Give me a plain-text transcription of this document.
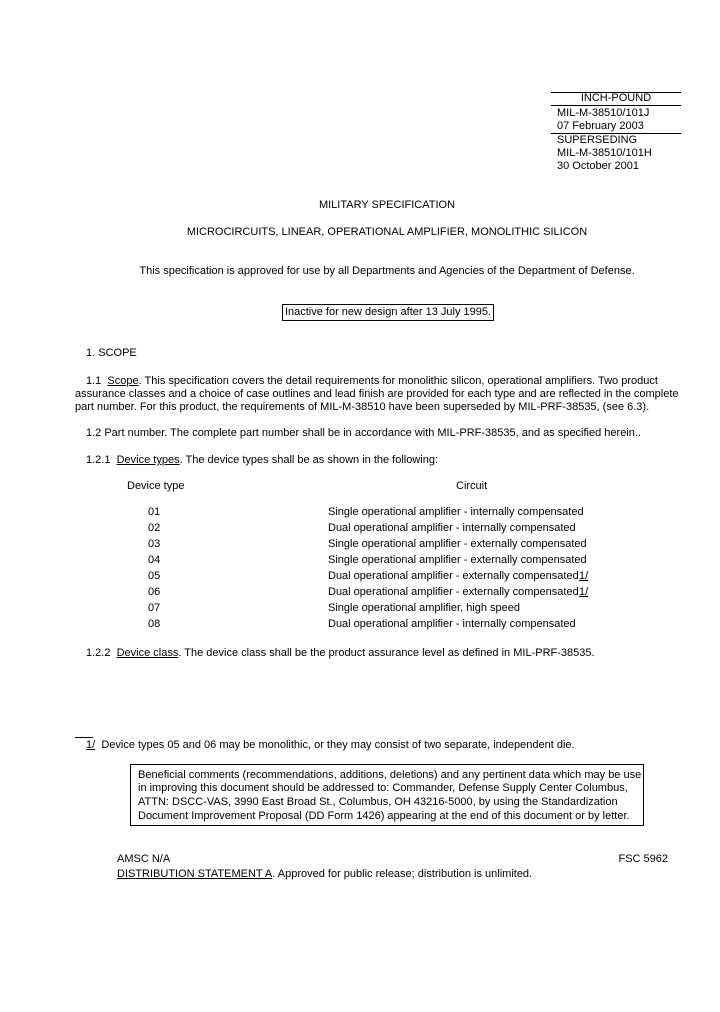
INCH-POUND
MIL-M-38510/101J
07 February 2003
SUPERSEDING
MIL-M-38510/101H
30 October 2001
MILITARY SPECIFICATION
MICROCIRCUITS, LINEAR, OPERATIONAL AMPLIFIER, MONOLITHIC SILICON
This specification is approved for use by all Departments and Agencies of the Department of Defense.
Inactive for new design after 13 July 1995.
1. SCOPE
1.1 Scope. This specification covers the detail requirements for monolithic silicon, operational amplifiers. Two product
assurance classes and a choice of case outlines and lead finish are provided for each type and are reflected in the complete
part number. For this product, the requirements of MIL-M-38510 have been superseded by MIL-PRF-38535, (see 6.3).
1.2 Part number. The complete part number shall be in accordance with MIL-PRF-38535, and as specified herein..
1.2.1 Device types. The device types shall be as shown in the following:
Device type	Circuit
01	Single operational amplifier - internally compensated
02	Dual operational amplifier - internally compensated
03	Single operational amplifier - externally compensated
04	Single operational amplifier - externally compensated
05	Dual operational amplifier - externally compensated 1/
06	Dual operational amplifier - externally compensated 1/
07	Single operational amplifier, high speed
08	Dual operational amplifier - internally compensated
1.2.2 Device class. The device class shall be the product assurance level as defined in MIL-PRF-38535.
1/ Device types 05 and 06 may be monolithic, or they may consist of two separate, independent die.
Beneficial comments (recommendations, additions, deletions) and any pertinent data which may be use
in improving this document should be addressed to: Commander, Defense Supply Center Columbus,
ATTN: DSCC-VAS, 3990 East Broad St., Columbus, OH 43216-5000, by using the Standardization
Document Improvement Proposal (DD Form 1426) appearing at the end of this document or by letter.
AMSC N/A	FSC 5962
DISTRIBUTION STATEMENT A. Approved for public release; distribution is unlimited.
